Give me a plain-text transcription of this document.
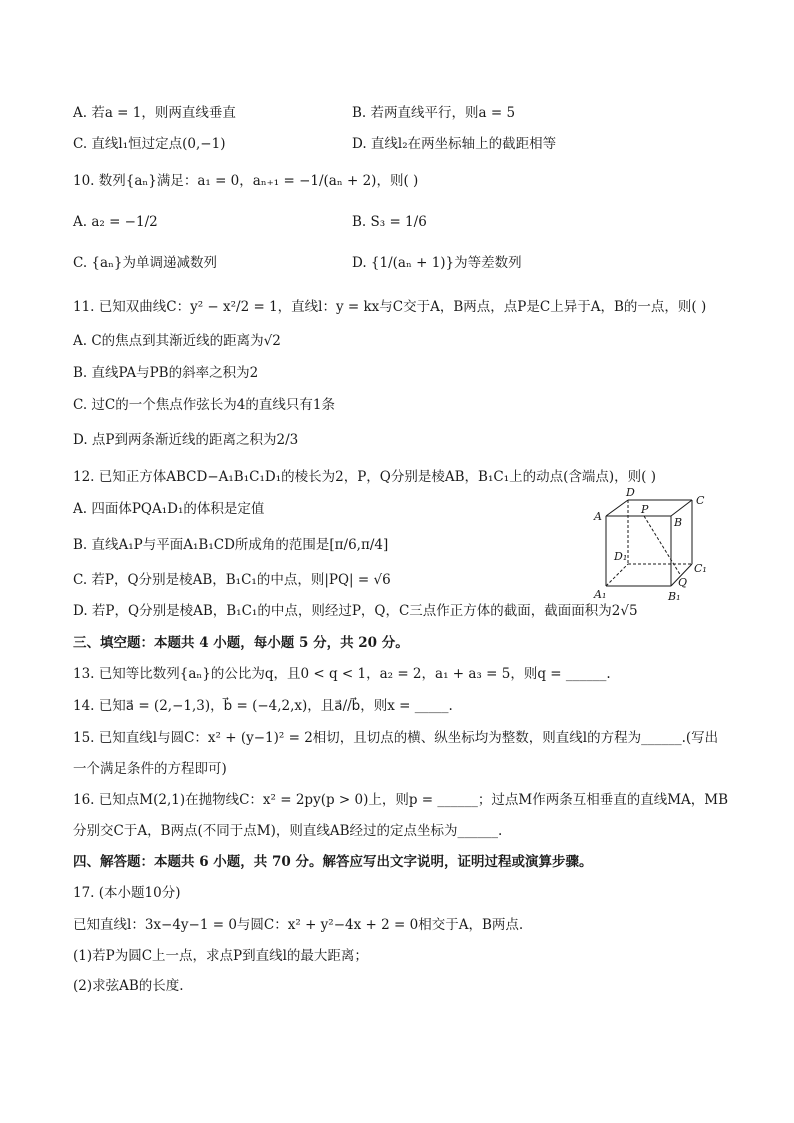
A. 若a = 1，则两直线垂直	B. 若两直线平行，则a = 5
C. 直线l₁恒过定点(0,−1)	D. 直线l₂在两坐标轴上的截距相等
10. 数列{aₙ}满足：a₁ = 0，aₙ₊₁ = −1/(aₙ + 2)，则( )
A. a₂ = −1/2	B. S₃ = 1/6
C. {aₙ}为单调递减数列	D. {1/(aₙ + 1)}为等差数列
11. 已知双曲线C：y² − x²/2 = 1，直线l：y = kx与C交于A，B两点，点P是C上异于A，B的一点，则( )
A. C的焦点到其渐近线的距离为√2
B. 直线PA与PB的斜率之积为2
C. 过C的一个焦点作弦长为4的直线只有1条
D. 点P到两条渐近线的距离之积为2/3
12. 已知正方体ABCD−A₁B₁C₁D₁的棱长为2，P，Q分别是棱AB，B₁C₁上的动点(含端点)，则( )
A. 四面体PQA₁D₁的体积是定值
B. 直线A₁P与平面A₁B₁CD所成角的范围是[π/6,π/4]
C. 若P，Q分别是棱AB，B₁C₁的中点，则|PQ| = √6
D. 若P，Q分别是棱AB，B₁C₁的中点，则经过P，Q，C三点作正方体的截面，截面面积为2√5
D
C
A	B
P
D₁
C₁
Q
A₁	B₁
三、填空题：本题共 4 小题，每小题 5 分，共 20 分。
13. 已知等比数列{aₙ}的公比为q，且0 < q < 1，a₂ = 2，a₁ + a₃ = 5，则q = ______.
14. 已知a⃗ = (2,−1,3)，b⃗ = (−4,2,x)，且a⃗//b⃗，则x = _____.
15. 已知直线l与圆C：x² + (y−1)² = 2相切，且切点的横、纵坐标均为整数，则直线l的方程为______.(写出
一个满足条件的方程即可)
16. 已知点M(2,1)在抛物线C：x² = 2py(p > 0)上，则p = ______；过点M作两条互相垂直的直线MA，MB
分别交C于A，B两点(不同于点M)，则直线AB经过的定点坐标为______.
四、解答题：本题共 6 小题，共 70 分。解答应写出文字说明，证明过程或演算步骤。
17. (本小题10分)
已知直线l：3x−4y−1 = 0与圆C：x² + y²−4x + 2 = 0相交于A，B两点.
(1)若P为圆C上一点，求点P到直线l的最大距离；
(2)求弦AB的长度.
